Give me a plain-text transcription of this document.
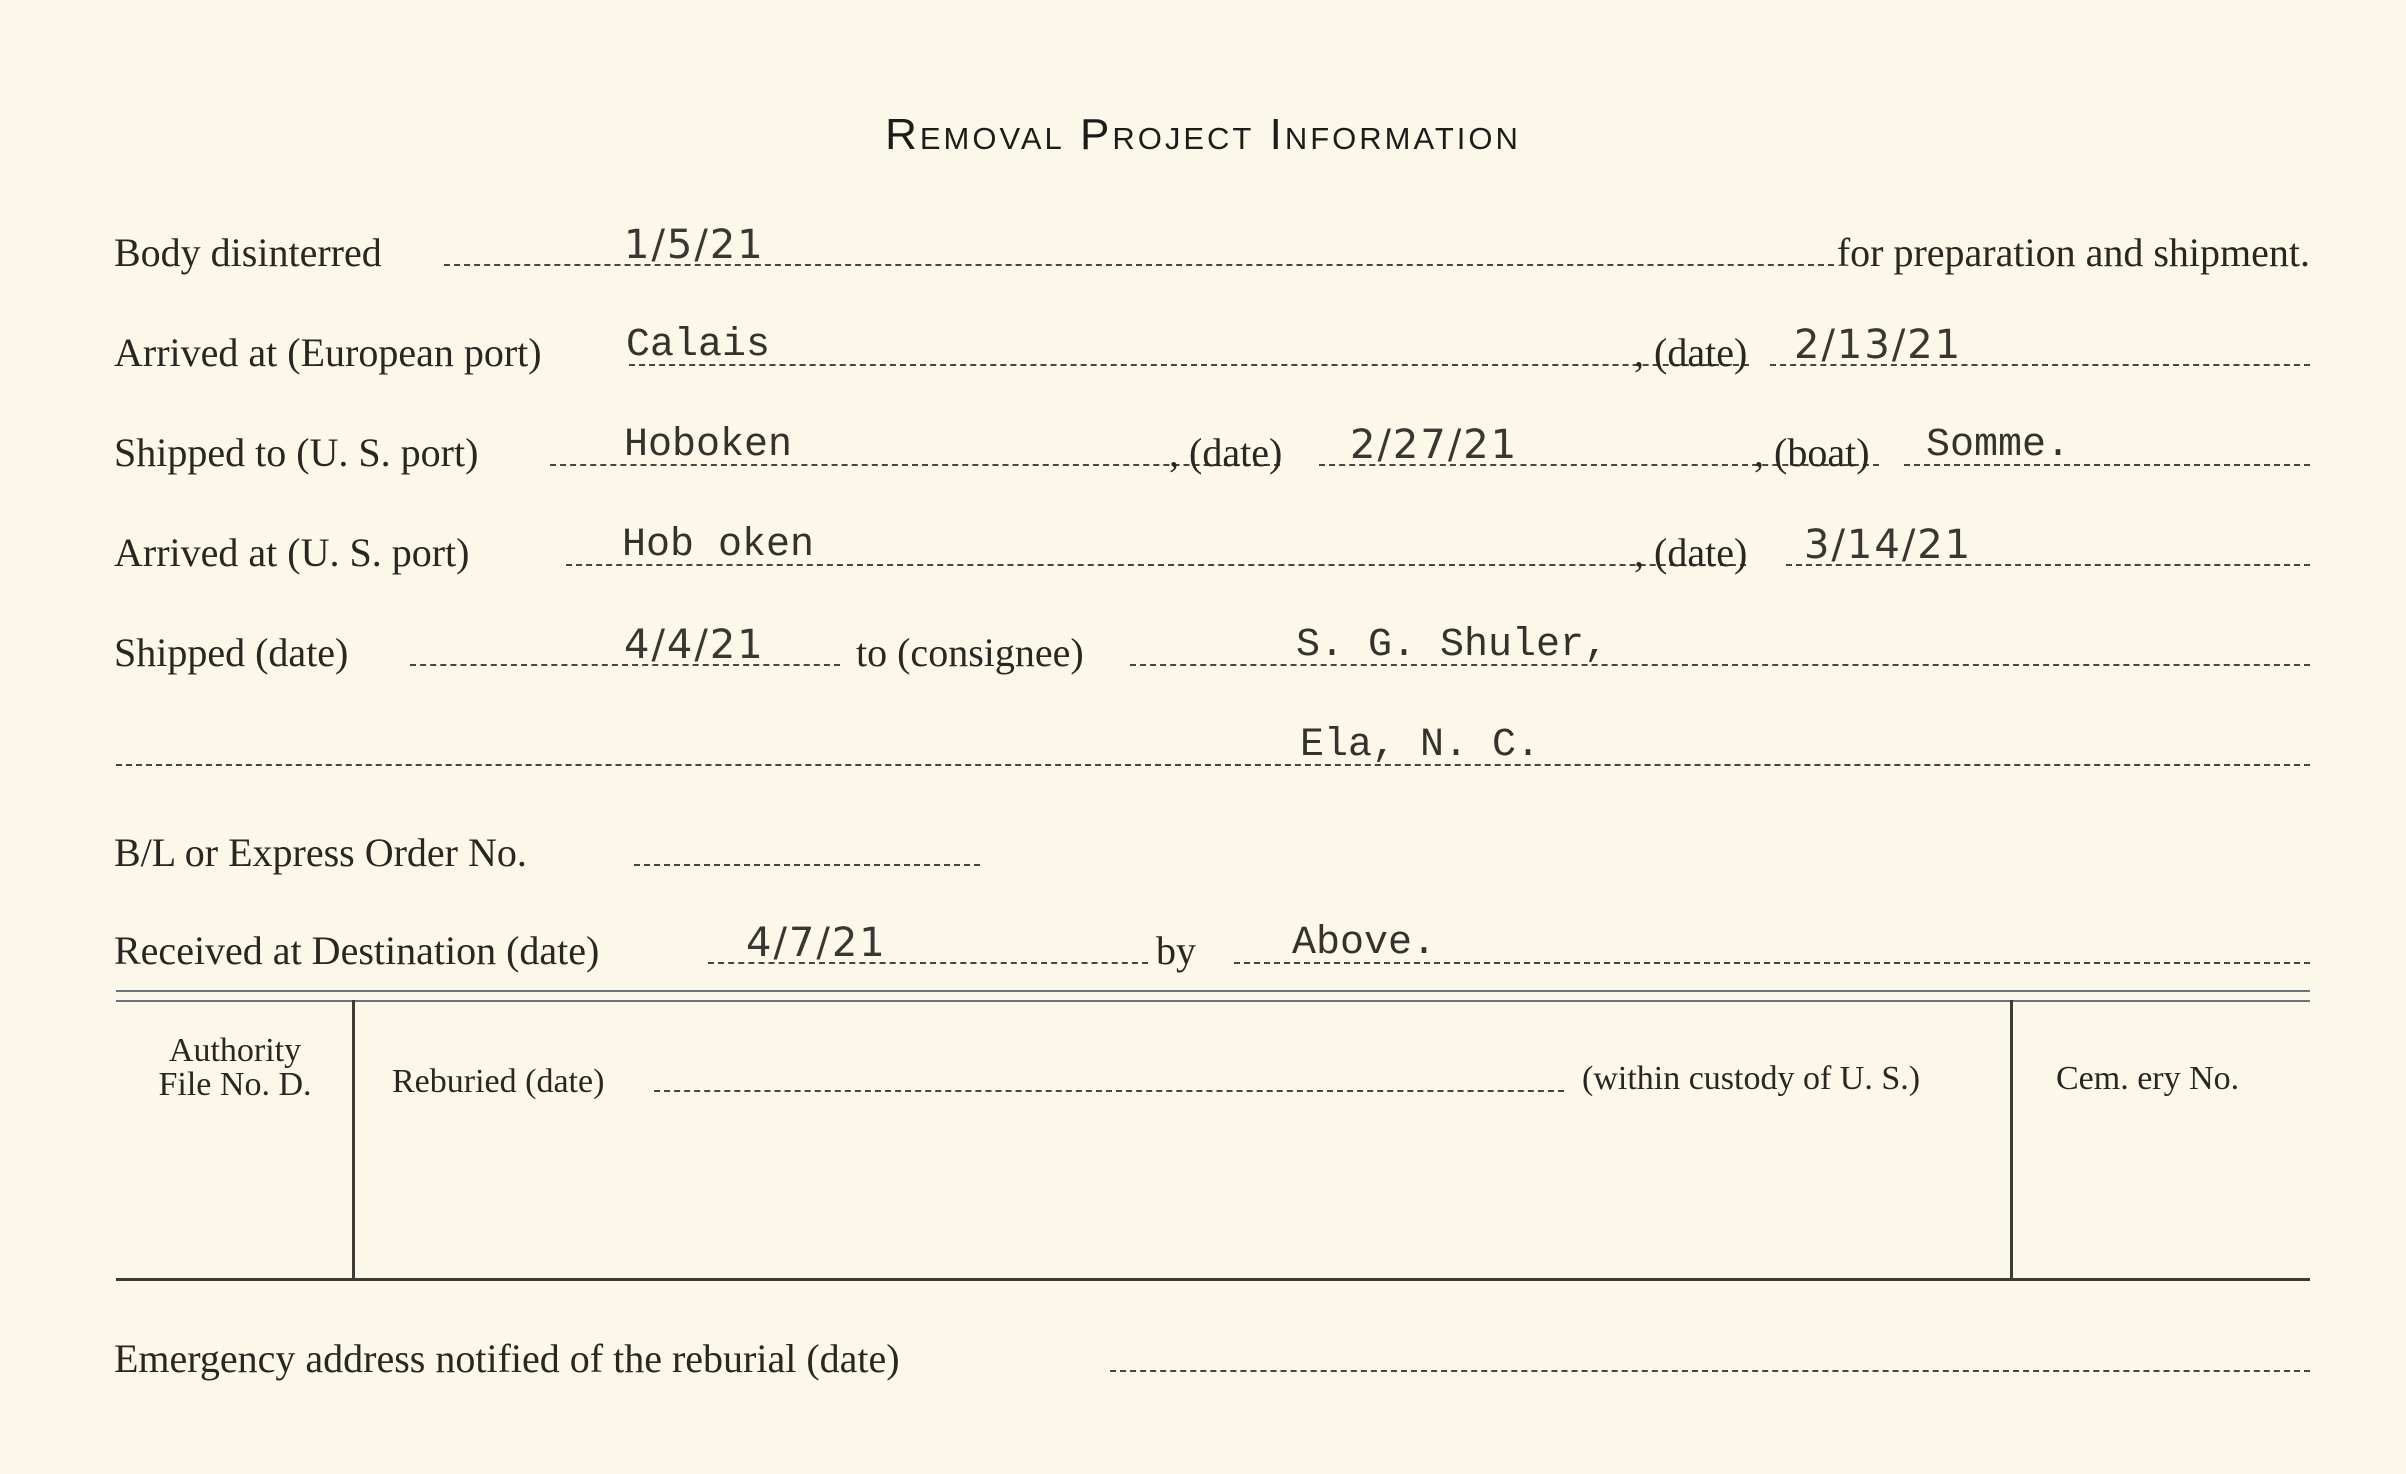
Removal Project Information
Body disinterred	1/5/21	for preparation and shipment.
Arrived at (European port) Calais	, (date) 2/13/21
Shipped to (U. S. port)	Hoboken	, (date) 2/27/21	, (boat) Somme.
Arrived at (U. S. port)	Hob oken	, (date) 3/14/21
Shipped (date)	4/4/21 to (consignee)	S. G. Shuler,
Ela, N. C.
B/L or Express Order No.
Received at Destination (date)	4/7/21	by Above.
Authority
File No. D.	Reburied (date)	(within custody of U. S.)	Cem. ery No.
Emergency address notified of the reburial (date)
